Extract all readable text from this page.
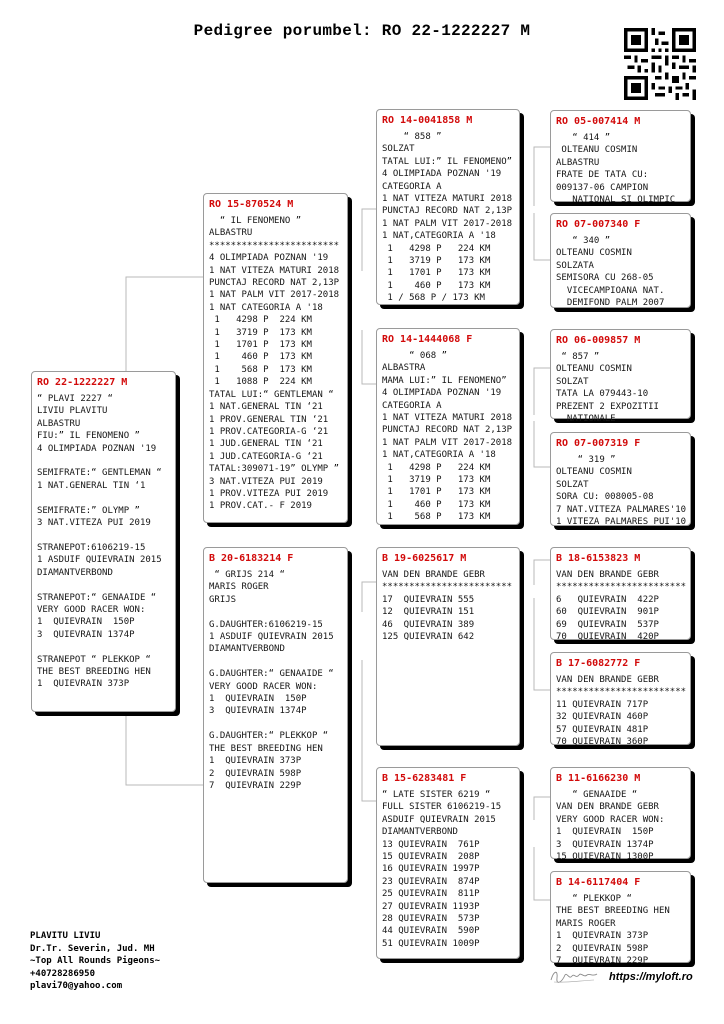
Pedigree porumbel: RO 22-1222227 M
RO 22-1222227 M
“ PLAVI 2227 “
LIVIU PLAVITU
ALBASTRU
FIU:” IL FENOMENO ”
4 OLIMPIADA POZNAN '19

SEMIFRATE:“ GENTLEMAN “
1 NAT.GENERAL TIN ‘1

SEMIFRATE:” OLYMP ”
3 NAT.VITEZA PUI 2019

STRANEPOT:6106219-15
1 ASDUIF QUIEVRAIN 2015
DIAMANTVERBOND

STRANEPOT:“ GENAAIDE “
VERY GOOD RACER WON:
1  QUIEVRAIN  150P
3  QUIEVRAIN 1374P

STRANEPOT “ PLEKKOP “
THE BEST BREEDING HEN
1  QUIEVRAIN 373P
RO 15-870524 M
“ IL FENOMENO ”
ALBASTRU
************************
4 OLIMPIADA POZNAN '19
1 NAT VITEZA MATURI 2018
PUNCTAJ RECORD NAT 2,13P
1 NAT PALM VIT 2017-2018
1 NAT CATEGORIA A '18
1   4298 P  224 KM
1   3719 P  173 KM
1   1701 P  173 KM
1    460 P  173 KM
1    568 P  173 KM
1   1088 P  224 KM
TATAL LUI:“ GENTLEMAN “
1 NAT.GENERAL TIN ‘21
1 PROV.GENERAL TIN ‘21
1 PROV.CATEGORIA-G ‘21
1 JUD.GENERAL TIN ‘21
1 JUD.CATEGORIA-G ‘21
TATAL:309071-19” OLYMP ”
3 NAT.VITEZA PUI 2019
1 PROV.VITEZA PUI 2019
1 PROV.CAT.- F 2019
B 20-6183214 F
“ GRIJS 214 “
MARIS ROGER
GRIJS

G.DAUGHTER:6106219-15
1 ASDUIF QUIEVRAIN 2015
DIAMANTVERBOND

G.DAUGHTER:“ GENAAIDE “
VERY GOOD RACER WON:
1  QUIEVRAIN  150P
3  QUIEVRAIN 1374P

G.DAUGHTER:“ PLEKKOP “
THE BEST BREEDING HEN
1  QUIEVRAIN 373P
2  QUIEVRAIN 598P
7  QUIEVRAIN 229P
RO 14-0041858 M
“ 858 ”
SOLZAT
TATAL LUI:” IL FENOMENO”
4 OLIMPIADA POZNAN '19
CATEGORIA A
1 NAT VITEZA MATURI 2018
PUNCTAJ RECORD NAT 2,13P
1 NAT PALM VIT 2017-2018
1 NAT,CATEGORIA A '18
1   4298 P   224 KM
1   3719 P   173 KM
1   1701 P   173 KM
1    460 P   173 KM
1 / 568 P / 173 KM
RO 14-1444068 F
“ 068 ”
ALBASTRA
MAMA LUI:” IL FENOMENO”
4 OLIMPIADA POZNAN '19
CATEGORIA A
1 NAT VITEZA MATURI 2018
PUNCTAJ RECORD NAT 2,13P
1 NAT PALM VIT 2017-2018
1 NAT,CATEGORIA A '18
1   4298 P   224 KM
1   3719 P   173 KM
1   1701 P   173 KM
1    460 P   173 KM
1    568 P   173 KM
B 19-6025617 M
VAN DEN BRANDE GEBR
************************
17  QUIEVRAIN 555
12  QUIEVRAIN 151
46  QUIEVRAIN 389
125 QUIEVRAIN 642
B 15-6283481 F
“ LATE SISTER 6219 “
FULL SISTER 6106219-15
ASDUIF QUIEVRAIN 2015
DIAMANTVERBOND
13 QUIEVRAIN  761P
15 QUIEVRAIN  208P
16 QUIEVRAIN 1997P
23 QUIEVRAIN  874P
25 QUIEVRAIN  811P
27 QUIEVRAIN 1193P
28 QUIEVRAIN  573P
44 QUIEVRAIN  590P
51 QUIEVRAIN 1009P
RO 05-007414 M
“ 414 ”
OLTEANU COSMIN
ALBASTRU
FRATE DE TATA CU:
009137-06 CAMPION
NATIONAL SI OLIMPIC
RO 07-007340 F
“ 340 ”
OLTEANU COSMIN
SOLZATA
SEMISORA CU 268-05
VICECAMPIOANA NAT.
DEMIFOND PALM 2007
RO 06-009857 M
“ 857 ”
OLTEANU COSMIN
SOLZAT
TATA LA 079443-10
PREZENT 2 EXPOZITII
NATIONALE
RO 07-007319 F
“ 319 ”
OLTEANU COSMIN
SOLZAT
SORA CU: 008005-08
7 NAT.VITEZA PALMARES'10
1 VITEZA PALMARES PUI'10
B 18-6153823 M
VAN DEN BRANDE GEBR
************************
6   QUIEVRAIN  422P
60  QUIEVRAIN  901P
69  QUIEVRAIN  537P
70  QUIEVRAIN  420P
B 17-6082772 F
VAN DEN BRANDE GEBR
************************
11 QUIEVRAIN 717P
32 QUIEVRAIN 460P
57 QUIEVRAIN 481P
70 QUIEVRAIN 360P
B 11-6166230 M
“ GENAAIDE “
VAN DEN BRANDE GEBR
VERY GOOD RACER WON:
1  QUIEVRAIN  150P
3  QUIEVRAIN 1374P
15 QUIEVRAIN 1300P
B 14-6117404 F
“ PLEKKOP “
THE BEST BREEDING HEN
MARIS ROGER
1  QUIEVRAIN 373P
2  QUIEVRAIN 598P
7  QUIEVRAIN 229P
PLAVITU LIVIU
Dr.Tr. Severin, Jud. MH
~Top All Rounds Pigeons~
+40728286950
plavi70@yahoo.com
https://myloft.ro
